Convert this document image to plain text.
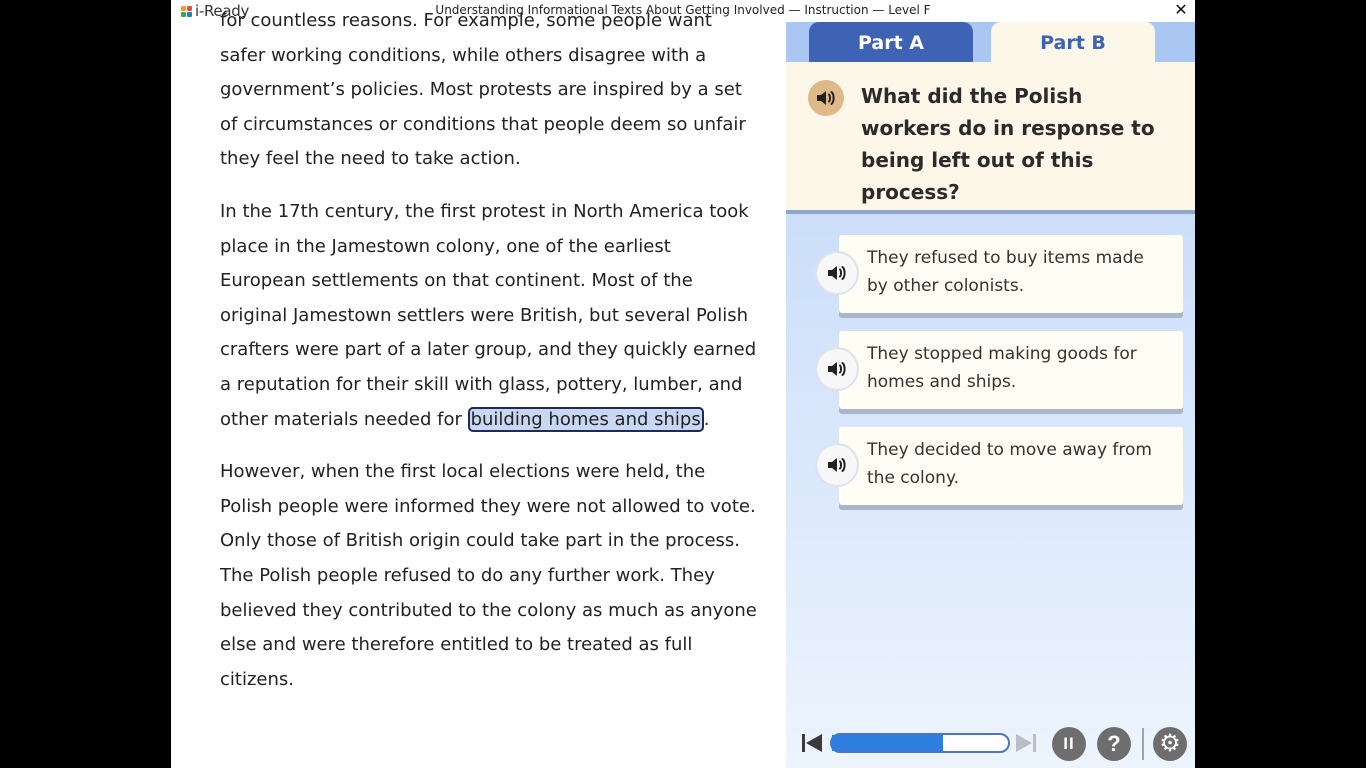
i-Ready	Understanding Informational Texts About Getting Involved — Instruction — Level F	✕

for countless reasons. For example, some people want safer working conditions, while others disagree with a government’s policies. Most protests are inspired by a set of circumstances or conditions that people deem so unfair they feel the need to take action.

In the 17th century, the first protest in North America took place in the Jamestown colony, one of the earliest European settlements on that continent. Most of the original Jamestown settlers were British, but several Polish crafters were part of a later group, and they quickly earned a reputation for their skill with glass, pottery, lumber, and other materials needed for building homes and ships .

However, when the first local elections were held, the Polish people were informed they were not allowed to vote. Only those of British origin could take part in the process. The Polish people refused to do any further work. They believed they contributed to the colony as much as anyone else and were therefore entitled to be treated as full citizens.

Part A	Part B
What did the Polish workers do in response to being left out of this process?
They refused to buy items made by other colonists.
They stopped making goods for homes and ships.
They decided to move away from the colony.
II ? ⚙
